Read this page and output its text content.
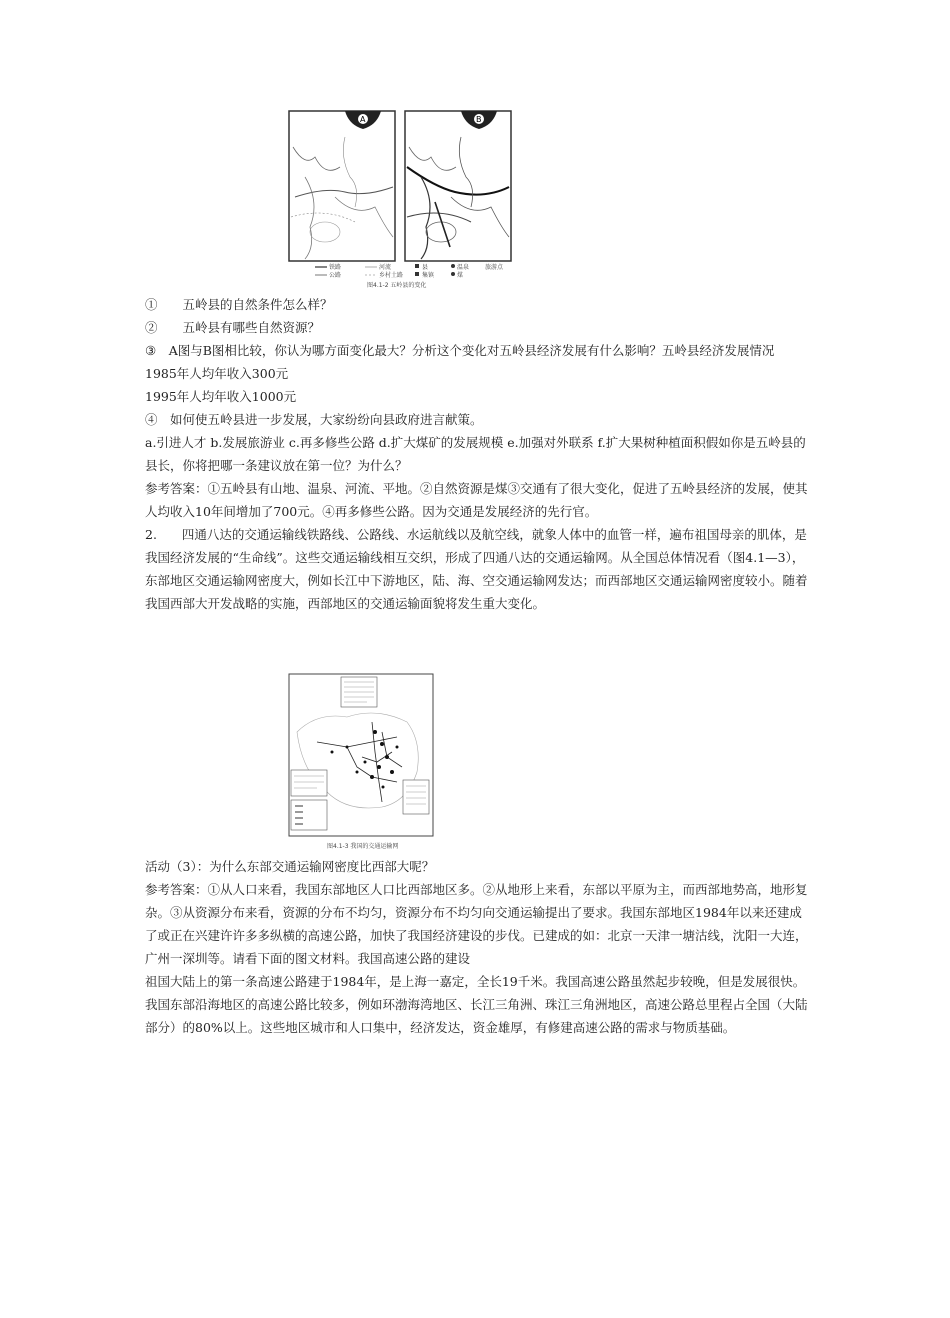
A	B
铁路
公路
河流
乡村土路
县
集镇	煤
温泉	旅游点
图4.1-2 五岭县的变化

①　　五岭县的自然条件怎么样？

②　　五岭县有哪些自然资源？

③　A图与B图相比较，你认为哪方面变化最大？分析这个变化对五岭县经济发展有什么影响？五岭县经济发展情况

1985年人均年收入300元

1995年人均年收入1000元

④　如何使五岭县进一步发展，大家纷纷向县政府进言献策。

a.引进人才 b.发展旅游业 c.再多修些公路 d.扩大煤矿的发展规模 e.加强对外联系 f.扩大果树种植面积假如你是五岭县的县长，你将把哪一条建议放在第一位？为什么？

参考答案：①五岭县有山地、温泉、河流、平地。②自然资源是煤③交通有了很大变化，促进了五岭县经济的发展，使其人均收入10年间增加了700元。④再多修些公路。因为交通是发展经济的先行官。

2.　　四通八达的交通运输线铁路线、公路线、水运航线以及航空线，就象人体中的血管一样，遍布祖国母亲的肌体，是我国经济发展的“生命线”。这些交通运输线相互交织，形成了四通八达的交通运输网。从全国总体情况看（图4.1—3），东部地区交通运输网密度大，例如长江中下游地区，陆、海、空交通运输网发达；而西部地区交通运输网密度较小。随着我国西部大开发战略的实施，西部地区的交通运输面貌将发生重大变化。

图4.1-3 我国的交通运输网

活动（3）：为什么东部交通运输网密度比西部大呢？

参考答案：①从人口来看，我国东部地区人口比西部地区多。②从地形上来看，东部以平原为主，而西部地势高，地形复杂。③从资源分布来看，资源的分布不均匀，资源分布不均匀向交通运输提出了要求。我国东部地区1984年以来还建成了或正在兴建许许多多纵横的高速公路，加快了我国经济建设的步伐。已建成的如：北京一天津一塘沽线，沈阳一大连，广州一深圳等。请看下面的图文材料。我国高速公路的建设

祖国大陆上的第一条高速公路建于1984年，是上海一嘉定，全长19千米。我国高速公路虽然起步较晚，但是发展很快。

我国东部沿海地区的高速公路比较多，例如环渤海湾地区、长江三角洲、珠江三角洲地区，高速公路总里程占全国（大陆部分）的80%以上。这些地区城市和人口集中，经济发达，资金雄厚，有修建高速公路的需求与物质基础。
